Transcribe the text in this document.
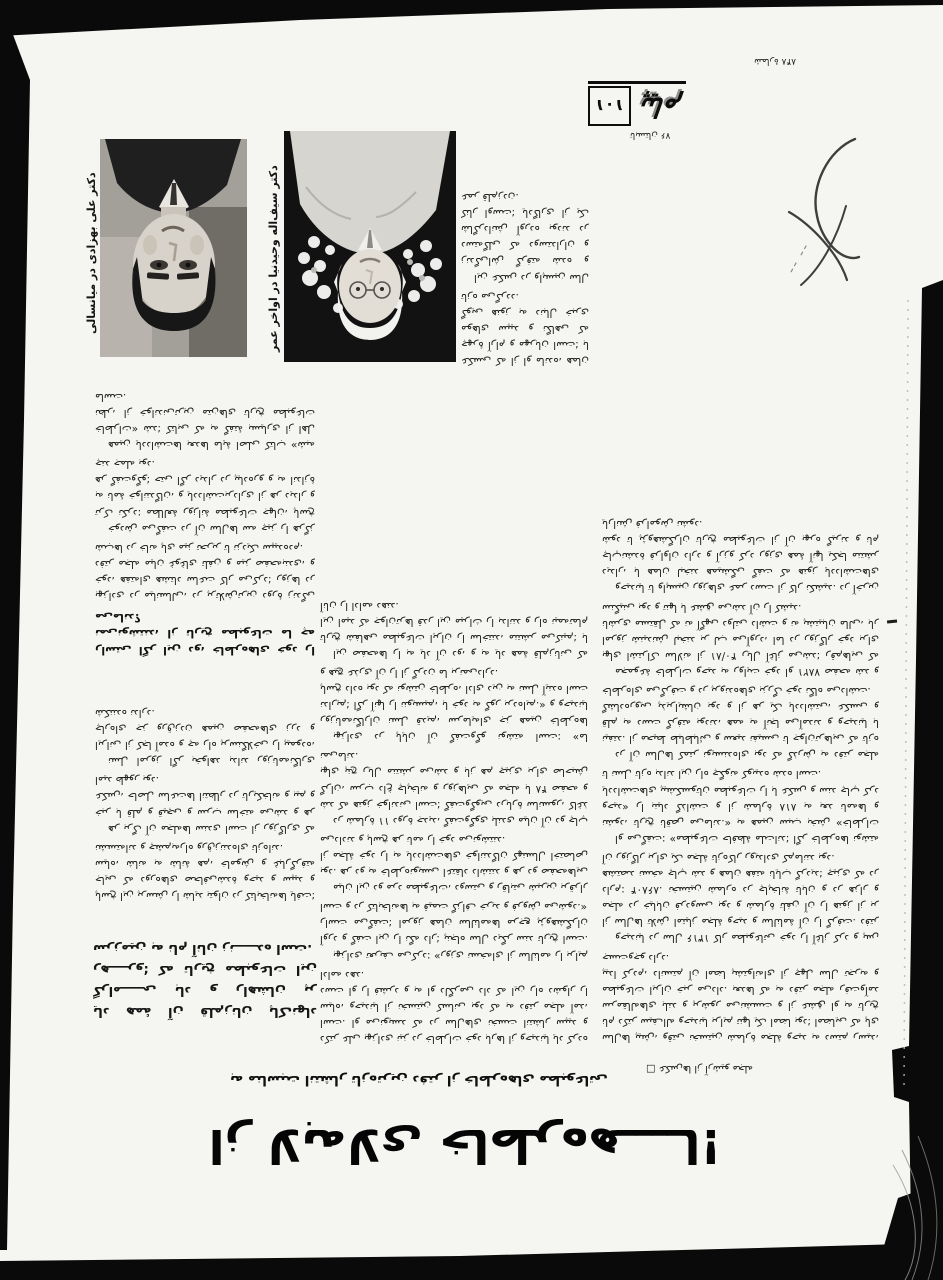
تابستان ۷۶
۱۰۱ پیام
شمارهٔ ۸۴۸
دکتر علی بهزادی در میانسالی	دکتر سیف‌اله وحیدنیا در اواخر عمر

سال‌ها پیش، وقتی نخستین شمارهٔ مجلهٔ وحید به دستم رسید، نام دکتر سیف‌اله وحیدنیا برایم تنها یک امضا بود؛ امضایی که پای سرمقاله‌های بلند و پرشور می‌نشست و از عشق او به تاریخ مطبوعات ایران خبر می‌داد. بعدها که به دفتر مجله رفت‌وآمد پیدا کردم، دانستم آن امضا پشتوانه‌ای از چهل سال تجربه و جست‌وجو دارد.

وحیدنیا در سال ۱۳۱۶ کار مطبوعاتی خود را آغاز کرد و پس از سال‌ها تلاش امتیاز مجلهٔ وحید و سالنامهٔ آن را گرفت. دفتر مجله در خیابان فردوسی بود و شمارهٔ تلفن آن را هنوز از بر دارم: ۸۶۸۰۴. نخستین شماره در چاپخانهٔ تابان و در هزار و هشتصد نسخه چاپ شد و همان هفته نایاب گردید؛ چیزی که در آن روزگار برای یک مجلهٔ تازه‌کار رویدادی کم‌مانند بود.

او می‌گفت: «مطبوعات حافظهٔ ملت‌اند؛ اگر خاطره‌ها نوشته نشود، تاریخ ناقص می‌ماند.» به همین سبب بخش «خاطرات وحید» را بنیاد گذاشت و از شمارهٔ ۸۱۸ به بعد نامه‌ها و یادداشت‌های پیشکسوتان مطبوعات را با عکس و سند چاپ کرد تا نسل تازه بداند این راه چگونه کوبیده شده است.

در آن سال‌ها کمتر نویسنده‌ای بود که گذرش به دفتر مجله نیفتد. از محیط طباطبائی و سعید نفیسی تا جوان‌ترهایی که تازه قلم به دست گرفته بودند، همه به آنجا می‌آمدند و وحیدنیا با گشاده‌رویی پذیرایشان بود و از هر یک یادداشتی، عکسی و خاطره‌ای می‌گرفت و در پرونده‌های بزرگ خود نگاه می‌داشت.

مجموعهٔ خاطرات وحید به روایت خود او ۷۸۲۱ صفحه شد و بهای اشتراک سالانه از ۴۰/۸۱ ریال آغاز می‌شد؛ رقم‌هایی که امروز شنیدنش لبخند بر لب می‌آورد، اما در روزگار خود برای ناشری مستقل که نه آگهی دولتی داشت و نه پشتیبان مالی، بار سنگینی بود و تنها با عشق می‌شد آن را کشید.

وحیدنیا تا واپسین روزهای عمر دست از کار نکشید. در آخرین دیدار، با همان لبخند همیشگی گفت که هنوز یادداشت‌های چاپ‌نشدهٔ فراوان دارد و آرزو کرد روزی همهٔ آنها یکجا منتشر شود تا پژوهشگران تاریخ مطبوعات از آن بهره گیرند و نام یارانش فراموش نشود.

عکسی که از او مانده، همان چهرهٔ آرام و مهربان است؛ با موهای سپید و نگاهی که گویی هنوز به دنبال خبری تازه می‌گردد.

این عکس در واپسین سال زندگی‌اش گرفته شده و دسته‌گلی که دوستداران و شاگردانش آورده بودند در کنار اوست؛ یادگاری از یک عمر قلم‌زدن.

دکتر علی بهزادی نیز در خاطرات خود بارها از وحیدنیا یاد کرده است. او می‌نویسد که در سال‌های نخست انتشار سپید و سیاه، وحیدنیا از نخستین کسانی بود که به دفتر مجله آمد، دست او را فشرد و به او دلگرمی داد که این راه دشوار را ادامه دهد.

بهزادی تعریف می‌کرد: «روزی نسخه‌ای از سالنامه را برایم آورد و گفت این را نگه دار؛ پنجاه سال دیگر سند تاریخ است. راست می‌گفت؛ امروز همان سالنامه‌ها مرجع پژوهشگران است و در کتابخانه‌ها به قیمت گزاف خرید و فروش می‌شود.»

میان این دو مرد مطبوعات، دوستی و رقابتی شیرین برقرار بود. هر دو به خاطره‌نویسی اعتقاد داشتند و هر دو صفحه‌هایی از مجلهٔ خود را به یادداشت‌های خوانندگان کهنسال اختصاص می‌دادند و پاسخ هر نامه را خود می‌نوشتند.

در شمارهٔ ۱۱ دورهٔ جدید، گفت‌وگوی بلندی میان آن دو چاپ شد که هنوز خواندنی است؛ گفت‌وگویی دربارهٔ سانسور، کاغذ گران، سرب داغ چاپخانه و روزهایی که مجله با ۴۸ صفحه و بهای پنج ریال منتشر می‌شد و باز هم چیزی برای صاحبش نمی‌ماند.

بهزادی در پایان آن گفت‌وگو نوشته است: «ما روزنامه‌نگاران نسل قدیم، سرمایه‌ای جز همین خاطره‌ها نداریم؛ اگر آنها را ننویسیم، با خود به گور برده‌ایم.» و وحیدنیا پاسخ داده بود که نوشتن خاطره، ادای دین به نسل آینده است و هیچ عذری آن را از گردن ما برنمی‌دارد.

این صفحه‌ها را به یاد آن دو، و به یاد همهٔ قلم‌زنانی که تاریخ شفاهی مطبوعات ایران را ساختند، منتشر می‌کنیم؛ با این امید که جوان‌ترها قدر این میراث را بدانند و راه نیمه‌تمام آنان را ادامه دهند.

بهزادی در میانسالی، در پرتلاش‌ترین دورهٔ زندگی خود، هفته‌ای هشتاد ساعت کار می‌کرد؛ روزها در دفتر مجله میان غوغای تلفن و میز صفحه‌بندی، و شب‌ها در خانه پای میز تحریر تا نزدیک سپیده‌دم.

خودش می‌گفت در آن سال‌ها سه چیز را هرگز ترک نکرد: مطالعهٔ روزانهٔ مطبوعات جهان، پاسخ به نامهٔ خوانندگان، و یادداشت‌برداری از هر دیدار و هر گفت‌وگو؛ حتی اگر دیدار در پیاده‌رو و به اندازهٔ چند جمله بود.

همین یادداشت‌ها بعدها مایهٔ اصلی کتاب «شبه خاطرات» شد؛ کتابی که به گفتهٔ بسیاری از اهل نظر، از خواندنی‌ترین متن‌های تاریخ مطبوعات ماست.

راستی اگر این دو، خاطره‌های خود را نمی‌نوشتند، از تاریخ مطبوعات ما چه می‌ماند؟

پاسخ این پرسش را شاید بتوان در کتابخانه‌ها یافت؛ جایی که دوره‌های صحافی‌شدهٔ وحید و سپید و سیاه، شانه به شانهٔ هم، خاموش و غبارگرفته نشسته‌اند و چشم‌به‌راه ورق‌زننده‌ای تازه‌اند.

هر برگ آن مجله‌ها سندی است از روزگاری که خبر با قلم و قیچی و سرب ساخته می‌شد و هر عکس، حاصل ساعت‌ها انتظار در تاریکخانه و بیم و امید ظهور بود.

نسل امروز اگر بخواهد بداند روزنامه‌نگاری ایرانی از کجا آمده و چه راه پرسنگلاخی را پیموده، چاره‌ای جز ورق‌زدن همین صفحه‌های زرد و شکننده ندارد.

یاد همهٔ آن قلم‌زنان پاک‌نهاد گرامـــــی باد و راهشان پر رهــــرو؛ که تاریخ مطبوعات این سرزمین به نام آنان زنـــــده است.
□ عکس‌ها از آرشیو مجله
به مناسبت انتشار تازه‌ترین دفتر از خاطره‌های مطبوعاتی
از لابه‌لای خاطره‌هــــا!
